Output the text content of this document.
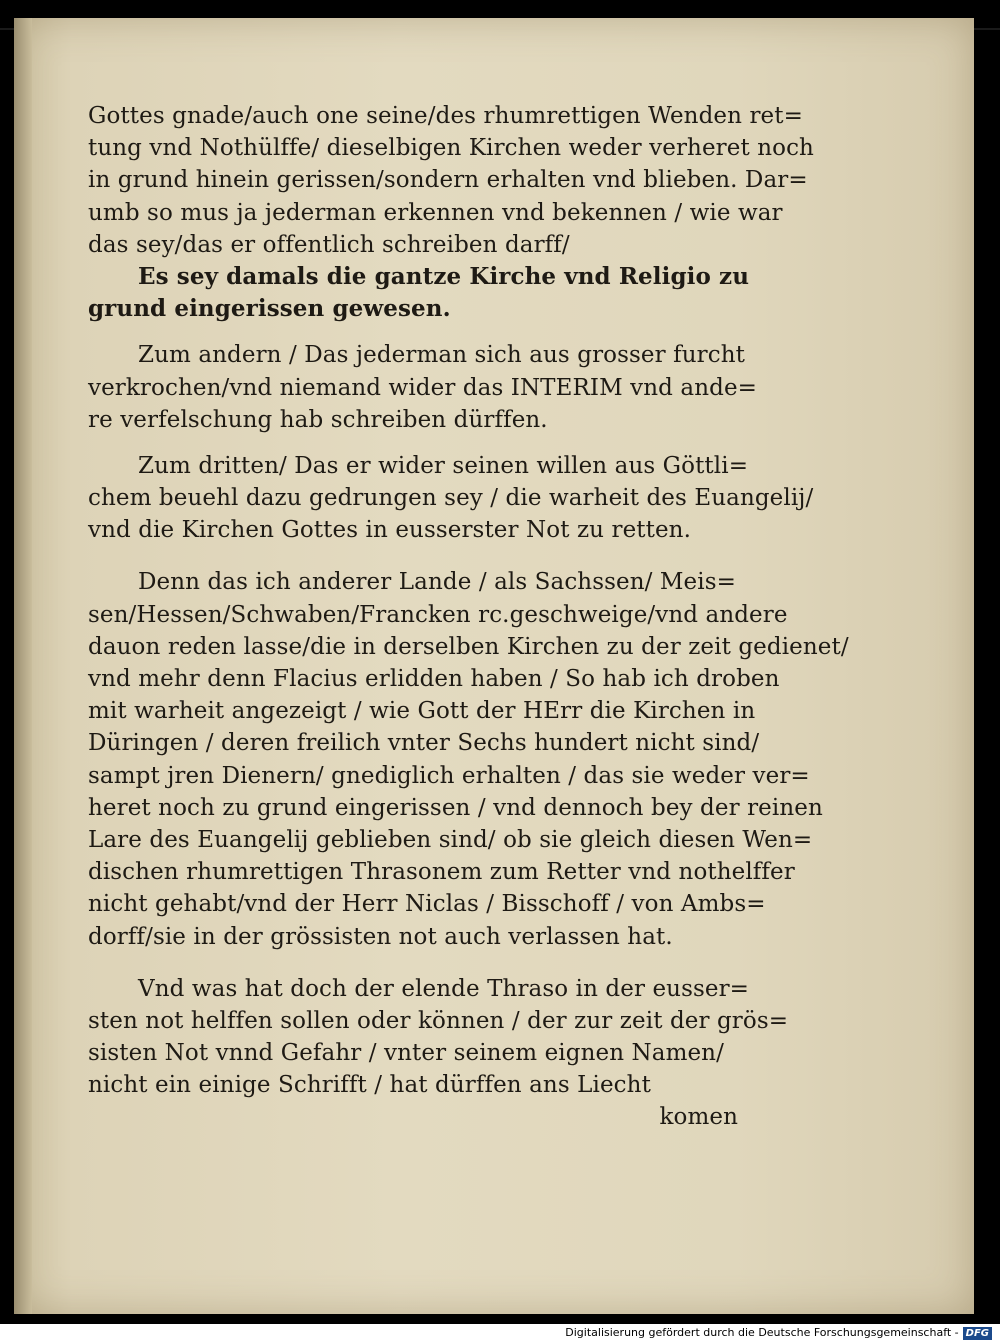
Gottes gnade/auch one seine/des rhumrettigen Wenden ret=
tung vnd Nothülffe/ dieselbigen Kirchen weder verheret noch
in grund hinein gerissen/sondern erhalten vnd blieben. Dar=
umb so mus ja jederman erkennen vnd bekennen / wie war
das sey/das er offentlich schreiben darff/
Es sey damals die gantze Kirche vnd Religio zu
grund eingerissen gewesen.
Zum andern / Das jederman sich aus grosser furcht
verkrochen/vnd niemand wider das INTERIM vnd ande=
re verfelschung hab schreiben dürffen.
Zum dritten/ Das er wider seinen willen aus Göttli=
chem beuehl dazu gedrungen sey / die warheit des Euangelij/
vnd die Kirchen Gottes in eusserster Not zu retten.
Denn das ich anderer Lande / als Sachssen/ Meis=
sen/Hessen/Schwaben/Francken rc.geschweige/vnd andere
dauon reden lasse/die in derselben Kirchen zu der zeit gedienet/
vnd mehr denn Flacius erlidden haben / So hab ich droben
mit warheit angezeigt / wie Gott der HErr die Kirchen in
Düringen / deren freilich vnter Sechs hundert nicht sind/
sampt jren Dienern/ gnediglich erhalten / das sie weder ver=
heret noch zu grund eingerissen / vnd dennoch bey der reinen
Lare des Euangelij geblieben sind/ ob sie gleich diesen Wen=
dischen rhumrettigen Thrasonem zum Retter vnd nothelffer
nicht gehabt/vnd der Herr Niclas / Bisschoff / von Ambs=
dorff/sie in der grössisten not auch verlassen hat.
Vnd was hat doch der elende Thraso in der eusser=
sten not helffen sollen oder können / der zur zeit der grös=
sisten Not vnnd Gefahr / vnter seinem eignen Namen/
nicht ein einige Schrifft / hat dürffen ans Liecht
komen
Digitalisierung gefördert durch die Deutsche Forschungsgemeinschaft - DFG
